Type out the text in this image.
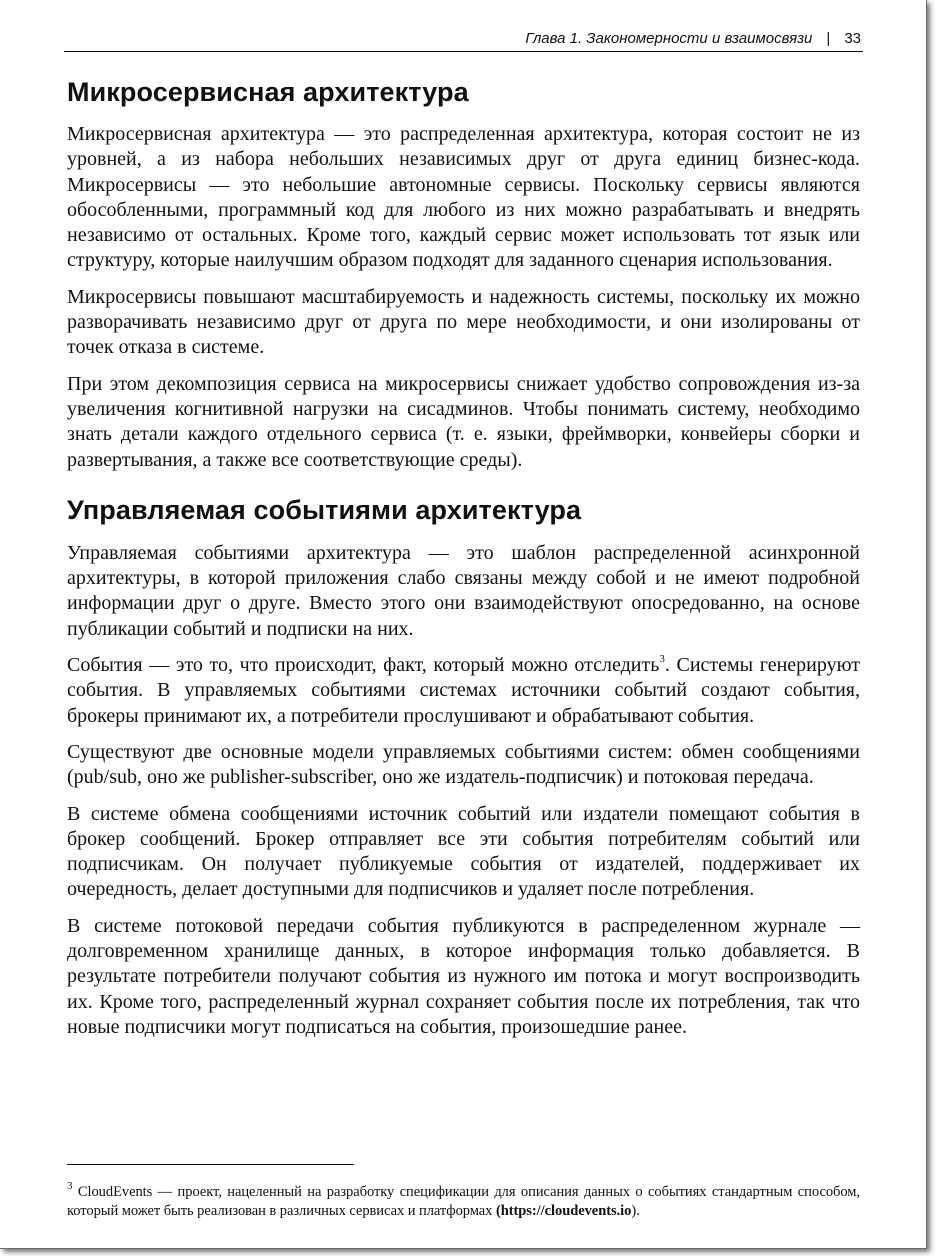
Глава 1. Закономерности и взаимосвязи | 33
Микросервисная архитектура

Микросервисная архитектура — это распределенная архитектура, которая состоит не из уровней, а из набора небольших независимых друг от друга единиц бизнес-кода. Микросервисы — это небольшие автономные сервисы. Поскольку сервисы являются обособленными, программный код для любого из них можно разрабатывать и внедрять независимо от остальных. Кроме того, каждый сервис может использовать тот язык или структуру, которые наилучшим образом подходят для заданного сценария использования.

Микросервисы повышают масштабируемость и надежность системы, поскольку их можно разворачивать независимо друг от друга по мере необходимости, и они изолированы от точек отказа в системе.

При этом декомпозиция сервиса на микросервисы снижает удобство сопровождения из-за увеличения когнитивной нагрузки на сисадминов. Чтобы понимать систему, необходимо знать детали каждого отдельного сервиса (т. е. языки, фреймворки, конвейеры сборки и развертывания, а также все соответствующие среды).

Управляемая событиями архитектура

Управляемая событиями архитектура — это шаблон распределенной асинхронной архитектуры, в которой приложения слабо связаны между собой и не имеют подробной информации друг о друге. Вместо этого они взаимодействуют опосредованно, на основе публикации событий и подписки на них.

События — это то, что происходит, факт, который можно отследить$^3$. Системы генерируют события. В управляемых событиями системах источники событий создают события, брокеры принимают их, а потребители прослушивают и обрабатывают события.

Существуют две основные модели управляемых событиями систем: обмен сообщениями (pub/sub, оно же publisher-subscriber, оно же издатель-подписчик) и потоковая передача.

В системе обмена сообщениями источник событий или издатели помещают события в брокер сообщений. Брокер отправляет все эти события потребителям событий или подписчикам. Он получает публикуемые события от издателей, поддерживает их очередность, делает доступными для подписчиков и удаляет после потребления.

В системе потоковой передачи события публикуются в распределенном журнале — долговременном хранилище данных, в которое информация только добавляется. В результате потребители получают события из нужного им потока и могут воспроизводить их. Кроме того, распределенный журнал сохраняет события после их потребления, так что новые подписчики могут подписаться на события, произошедшие ранее.

$^3$ CloudEvents — проект, нацеленный на разработку спецификации для описания данных о событиях стандартным способом, который может быть реализован в различных сервисах и платформах (https://cloudevents.io).
